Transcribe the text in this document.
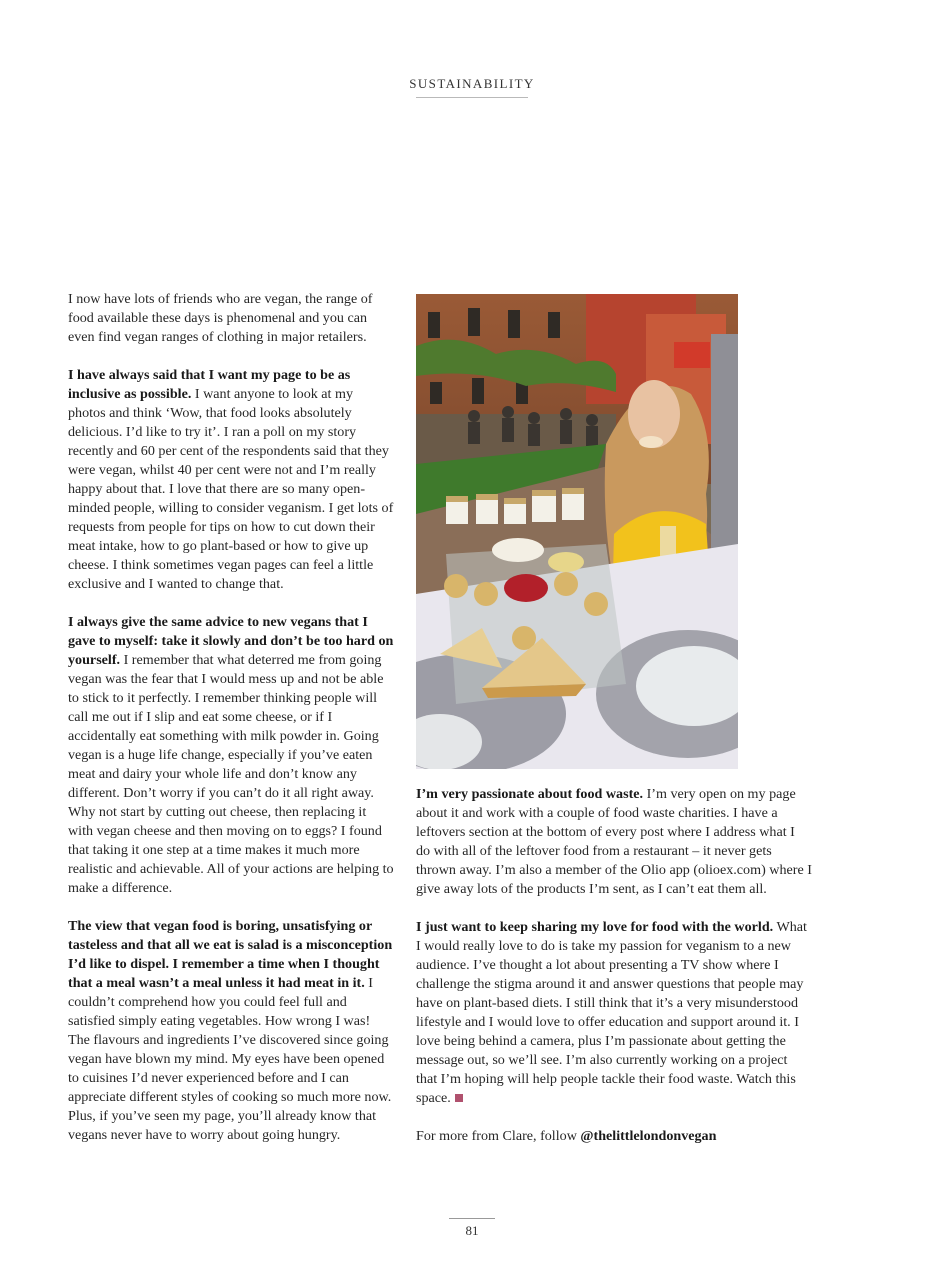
SUSTAINABILITY

I now have lots of friends who are vegan, the range of food available these days is phenomenal and you can even find vegan ranges of clothing in major retailers.

I have always said that I want my page to be as inclusive as possible. I want anyone to look at my photos and think ‘Wow, that food looks absolutely delicious. I’d like to try it’. I ran a poll on my story recently and 60 per cent of the respondents said that they were vegan, whilst 40 per cent were not and I’m really happy about that. I love that there are so many open-minded people, willing to consider veganism. I get lots of requests from people for tips on how to cut down their meat intake, how to go plant-based or how to give up cheese. I think sometimes vegan pages can feel a little exclusive and I wanted to change that.

I always give the same advice to new vegans that I gave to myself: take it slowly and don’t be too hard on yourself. I remember that what deterred me from going vegan was the fear that I would mess up and not be able to stick to it perfectly. I remember thinking people will call me out if I slip and eat some cheese, or if I accidentally eat something with milk powder in. Going vegan is a huge life change, especially if you’ve eaten meat and dairy your whole life and don’t know any different. Don’t worry if you can’t do it all right away. Why not start by cutting out cheese, then replacing it with vegan cheese and then moving on to eggs? I found that taking it one step at a time makes it much more realistic and achievable. All of your actions are helping to make a difference.

The view that vegan food is boring, unsatisfying or tasteless and that all we eat is salad is a misconception I’d like to dispel. I remember a time when I thought that a meal wasn’t a meal unless it had meat in it. I couldn’t comprehend how you could feel full and satisfied simply eating vegetables. How wrong I was! The flavours and ingredients I’ve discovered since going vegan have blown my mind. My eyes have been opened to cuisines I’d never experienced before and I can appreciate different styles of cooking so much more now. Plus, if you’ve seen my page, you’ll already know that vegans never have to worry about going hungry.

I’m very passionate about food waste. I’m very open on my page about it and work with a couple of food waste charities. I have a leftovers section at the bottom of every post where I address what I do with all of the leftover food from a restaurant – it never gets thrown away. I’m also a member of the Olio app (olioex.com) where I give away lots of the products I’m sent, as I can’t eat them all.

I just want to keep sharing my love for food with the world. What I would really love to do is take my passion for veganism to a new audience. I’ve thought a lot about presenting a TV show where I challenge the stigma around it and answer questions that people may have on plant-based diets. I still think that it’s a very misunderstood lifestyle and I would love to offer education and support around it. I love being behind a camera, plus I’m passionate about getting the message out, so we’ll see. I’m also currently working on a project that I’m hoping will help people tackle their food waste. Watch this space.

For more from Clare, follow @thelittlelondonvegan

81
